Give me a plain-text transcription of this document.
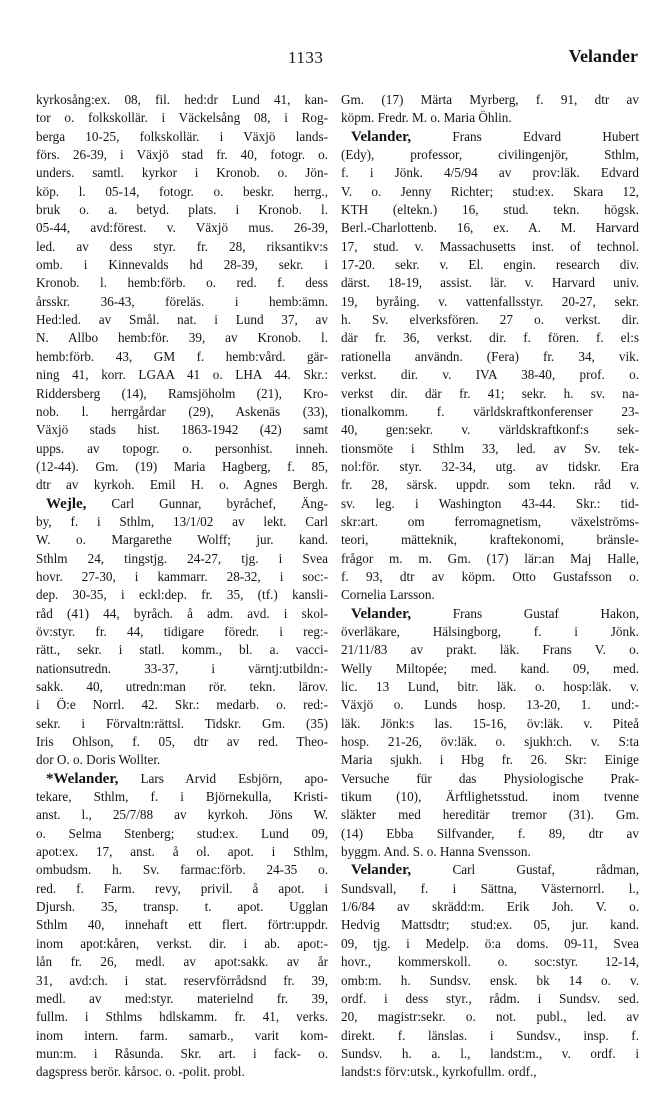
1133	Velander
kyrkosång:ex. 08, fil. hed:dr Lund 41, kan-
tor o. folkskollär. i Väckelsång 08, i Rog-
berga 10-25, folkskollär. i Växjö lands-
förs. 26-39, i Växjö stad fr. 40, fotogr. o.
unders. samtl. kyrkor i Kronob. o. Jön-
köp. l. 05-14, fotogr. o. beskr. herrg.,
bruk o. a. betyd. plats. i Kronob. l.
05-44, avd:förest. v. Växjö mus. 26-39,
led. av dess styr. fr. 28, riksantikv:s
omb. i Kinnevalds hd 28-39, sekr. i
Kronob. l. hemb:förb. o. red. f. dess
årsskr. 36-43, föreläs. i hemb:ämn.
Hed:led. av Smål. nat. i Lund 37, av
N. Allbo hemb:för. 39, av Kronob. l.
hemb:förb. 43, GM f. hemb:vård. gär-
ning 41, korr. LGAA 41 o. LHA 44. Skr.:
Riddersberg (14), Ramsjöholm (21), Kro-
nob. l. herrgårdar (29), Askenäs (33),
Växjö stads hist. 1863-1942 (42) samt
upps. av topogr. o. personhist. inneh.
(12-44). Gm. (19) Maria Hagberg, f. 85,
dtr av kyrkoh. Emil H. o. Agnes Bergh.
Wejle, Carl Gunnar, byråchef, Äng-
by, f. i Sthlm, 13/1/02 av lekt. Carl
W. o. Margarethe Wolff; jur. kand.
Sthlm 24, tingstjg. 24-27, tjg. i Svea
hovr. 27-30, i kammarr. 28-32, i soc:-
dep. 30-35, i eckl:dep. fr. 35, (tf.) kansli-
råd (41) 44, byråch. å adm. avd. i skol-
öv:styr. fr. 44, tidigare föredr. i reg:-
rätt., sekr. i statl. komm., bl. a. vacci-
nationsutredn. 33-37, i värntj:utbildn:-
sakk. 40, utredn:man rör. tekn. lärov.
i Ö:e Norrl. 42. Skr.: medarb. o. red:-
sekr. i Förvaltn:rättsl. Tidskr. Gm. (35)
Iris Ohlson, f. 05, dtr av red. Theo-
dor O. o. Doris Wollter.
*Welander, Lars Arvid Esbjörn, apo-
tekare, Sthlm, f. i Björnekulla, Kristi-
anst. l., 25/7/88 av kyrkoh. Jöns W.
o. Selma Stenberg; stud:ex. Lund 09,
apot:ex. 17, anst. å ol. apot. i Sthlm,
ombudsm. h. Sv. farmac:förb. 24-35 o.
red. f. Farm. revy, privil. å apot. i
Djursh. 35, transp. t. apot. Ugglan
Sthlm 40, innehaft ett flert. förtr:uppdr.
inom apot:kåren, verkst. dir. i ab. apot:-
lån fr. 26, medl. av apot:sakk. av år
31, avd:ch. i stat. reservförrådsnd fr. 39,
medl. av med:styr. materielnd fr. 39,
fullm. i Sthlms hdlskamm. fr. 41, verks.
inom intern. farm. samarb., varit kom-
mun:m. i Råsunda. Skr. art. i fack- o.
dagspress berör. kårsoc. o. -polit. probl.
Gm. (17) Märta Myrberg, f. 91, dtr av
köpm. Fredr. M. o. Maria Öhlin.
Velander, Frans Edvard Hubert
(Edy), professor, civilingenjör, Sthlm,
f. i Jönk. 4/5/94 av prov:läk. Edvard
V. o. Jenny Richter; stud:ex. Skara 12,
KTH (eltekn.) 16, stud. tekn. högsk.
Berl.-Charlottenb. 16, ex. A. M. Harvard
17, stud. v. Massachusetts inst. of technol.
17-20. sekr. v. El. engin. research div.
därst. 18-19, assist. lär. v. Harvard univ.
19, byråing. v. vattenfallsstyr. 20-27, sekr.
h. Sv. elverksfören. 27 o. verkst. dir.
där fr. 36, verkst. dir. f. fören. f. el:s
rationella användn. (Fera) fr. 34, vik.
verkst. dir. v. IVA 38-40, prof. o.
verkst dir. där fr. 41; sekr. h. sv. na-
tionalkomm. f. världskraftkonferenser 23-
40, gen:sekr. v. världskraftkonf:s sek-
tionsmöte i Sthlm 33, led. av Sv. tek-
nol:för. styr. 32-34, utg. av tidskr. Era
fr. 28, särsk. uppdr. som tekn. råd v.
sv. leg. i Washington 43-44. Skr.: tid-
skr:art. om ferromagnetism, växelströms-
teori, mätteknik, kraftekonomi, bränsle-
frågor m. m. Gm. (17) lär:an Maj Halle,
f. 93, dtr av köpm. Otto Gustafsson o.
Cornelia Larsson.
Velander, Frans Gustaf Hakon,
överläkare, Hälsingborg, f. i Jönk.
21/11/83 av prakt. läk. Frans V. o.
Welly Miltopée; med. kand. 09, med.
lic. 13 Lund, bitr. läk. o. hosp:läk. v.
Växjö o. Lunds hosp. 13-20, 1. und:-
läk. Jönk:s las. 15-16, öv:läk. v. Piteå
hosp. 21-26, öv:läk. o. sjukh:ch. v. S:ta
Maria sjukh. i Hbg fr. 26. Skr: Einige
Versuche für das Physiologische Prak-
tikum (10), Ärftlighetsstud. inom tvenne
släkter med hereditär tremor (31). Gm.
(14) Ebba Silfvander, f. 89, dtr av
byggm. And. S. o. Hanna Svensson.
Velander, Carl Gustaf, rådman,
Sundsvall, f. i Sättna, Västernorrl. l.,
1/6/84 av skrädd:m. Erik Joh. V. o.
Hedvig Mattsdtr; stud:ex. 05, jur. kand.
09, tjg. i Medelp. ö:a doms. 09-11, Svea
hovr., kommerskoll. o. soc:styr. 12-14,
omb:m. h. Sundsv. ensk. bk 14 o. v.
ordf. i dess styr., rådm. i Sundsv. sed.
20, magistr:sekr. o. not. publ., led. av
direkt. f. länslas. i Sundsv., insp. f.
Sundsv. h. a. l., landst:m., v. ordf. i
landst:s förv:utsk., kyrkofullm. ordf.,
